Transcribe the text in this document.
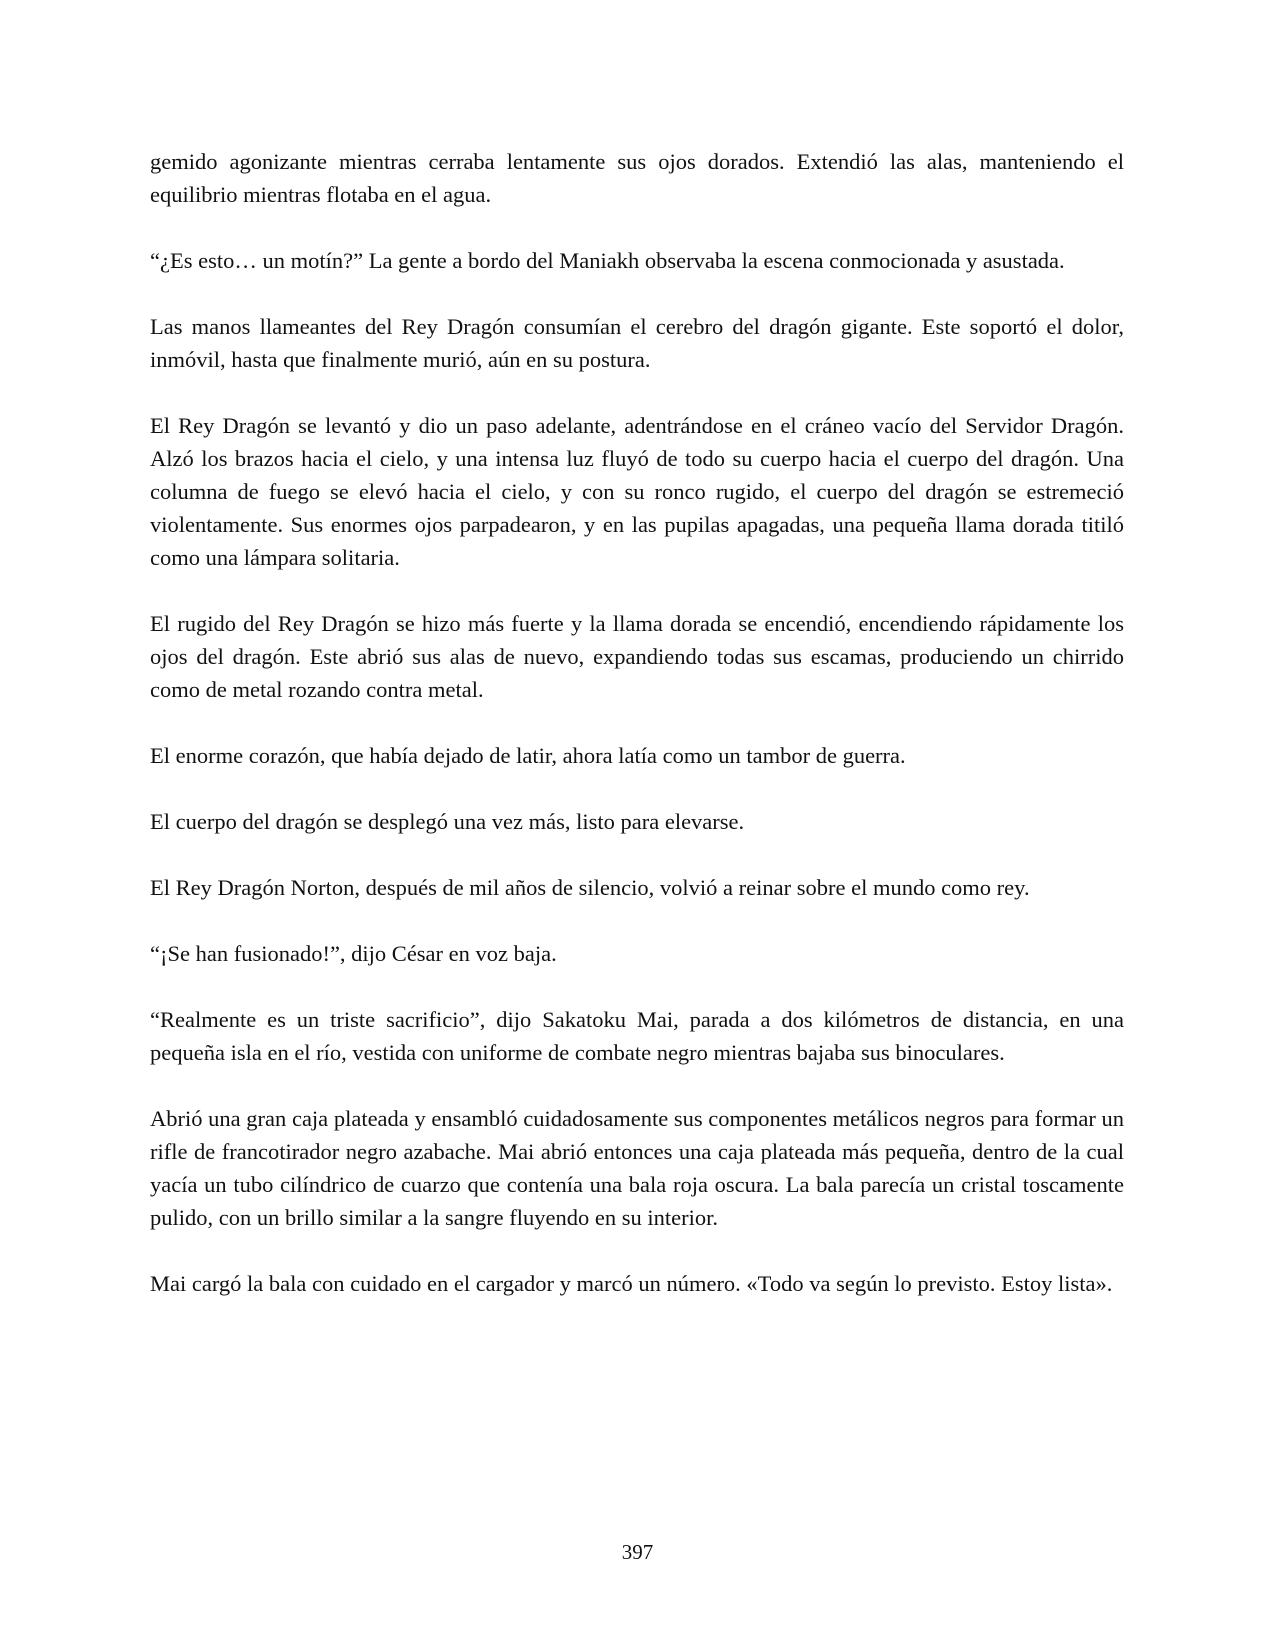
gemido agonizante mientras cerraba lentamente sus ojos dorados. Extendió las alas, manteniendo el equilibrio mientras flotaba en el agua.

“¿Es esto… un motín?” La gente a bordo del Maniakh observaba la escena conmocionada y asustada.

Las manos llameantes del Rey Dragón consumían el cerebro del dragón gigante. Este soportó el dolor, inmóvil, hasta que finalmente murió, aún en su postura.

El Rey Dragón se levantó y dio un paso adelante, adentrándose en el cráneo vacío del Servidor Dragón. Alzó los brazos hacia el cielo, y una intensa luz fluyó de todo su cuerpo hacia el cuerpo del dragón. Una columna de fuego se elevó hacia el cielo, y con su ronco rugido, el cuerpo del dragón se estremeció violentamente. Sus enormes ojos parpadearon, y en las pupilas apagadas, una pequeña llama dorada titiló como una lámpara solitaria.

El rugido del Rey Dragón se hizo más fuerte y la llama dorada se encendió, encendiendo rápidamente los ojos del dragón. Este abrió sus alas de nuevo, expandiendo todas sus escamas, produciendo un chirrido como de metal rozando contra metal.

El enorme corazón, que había dejado de latir, ahora latía como un tambor de guerra.

El cuerpo del dragón se desplegó una vez más, listo para elevarse.

El Rey Dragón Norton, después de mil años de silencio, volvió a reinar sobre el mundo como rey.

“¡Se han fusionado!”, dijo César en voz baja.

“Realmente es un triste sacrificio”, dijo Sakatoku Mai, parada a dos kilómetros de distancia, en una pequeña isla en el río, vestida con uniforme de combate negro mientras bajaba sus binoculares.

Abrió una gran caja plateada y ensambló cuidadosamente sus componentes metálicos negros para formar un rifle de francotirador negro azabache. Mai abrió entonces una caja plateada más pequeña, dentro de la cual yacía un tubo cilíndrico de cuarzo que contenía una bala roja oscura. La bala parecía un cristal toscamente pulido, con un brillo similar a la sangre fluyendo en su interior.

Mai cargó la bala con cuidado en el cargador y marcó un número. «Todo va según lo previsto. Estoy lista».

397
